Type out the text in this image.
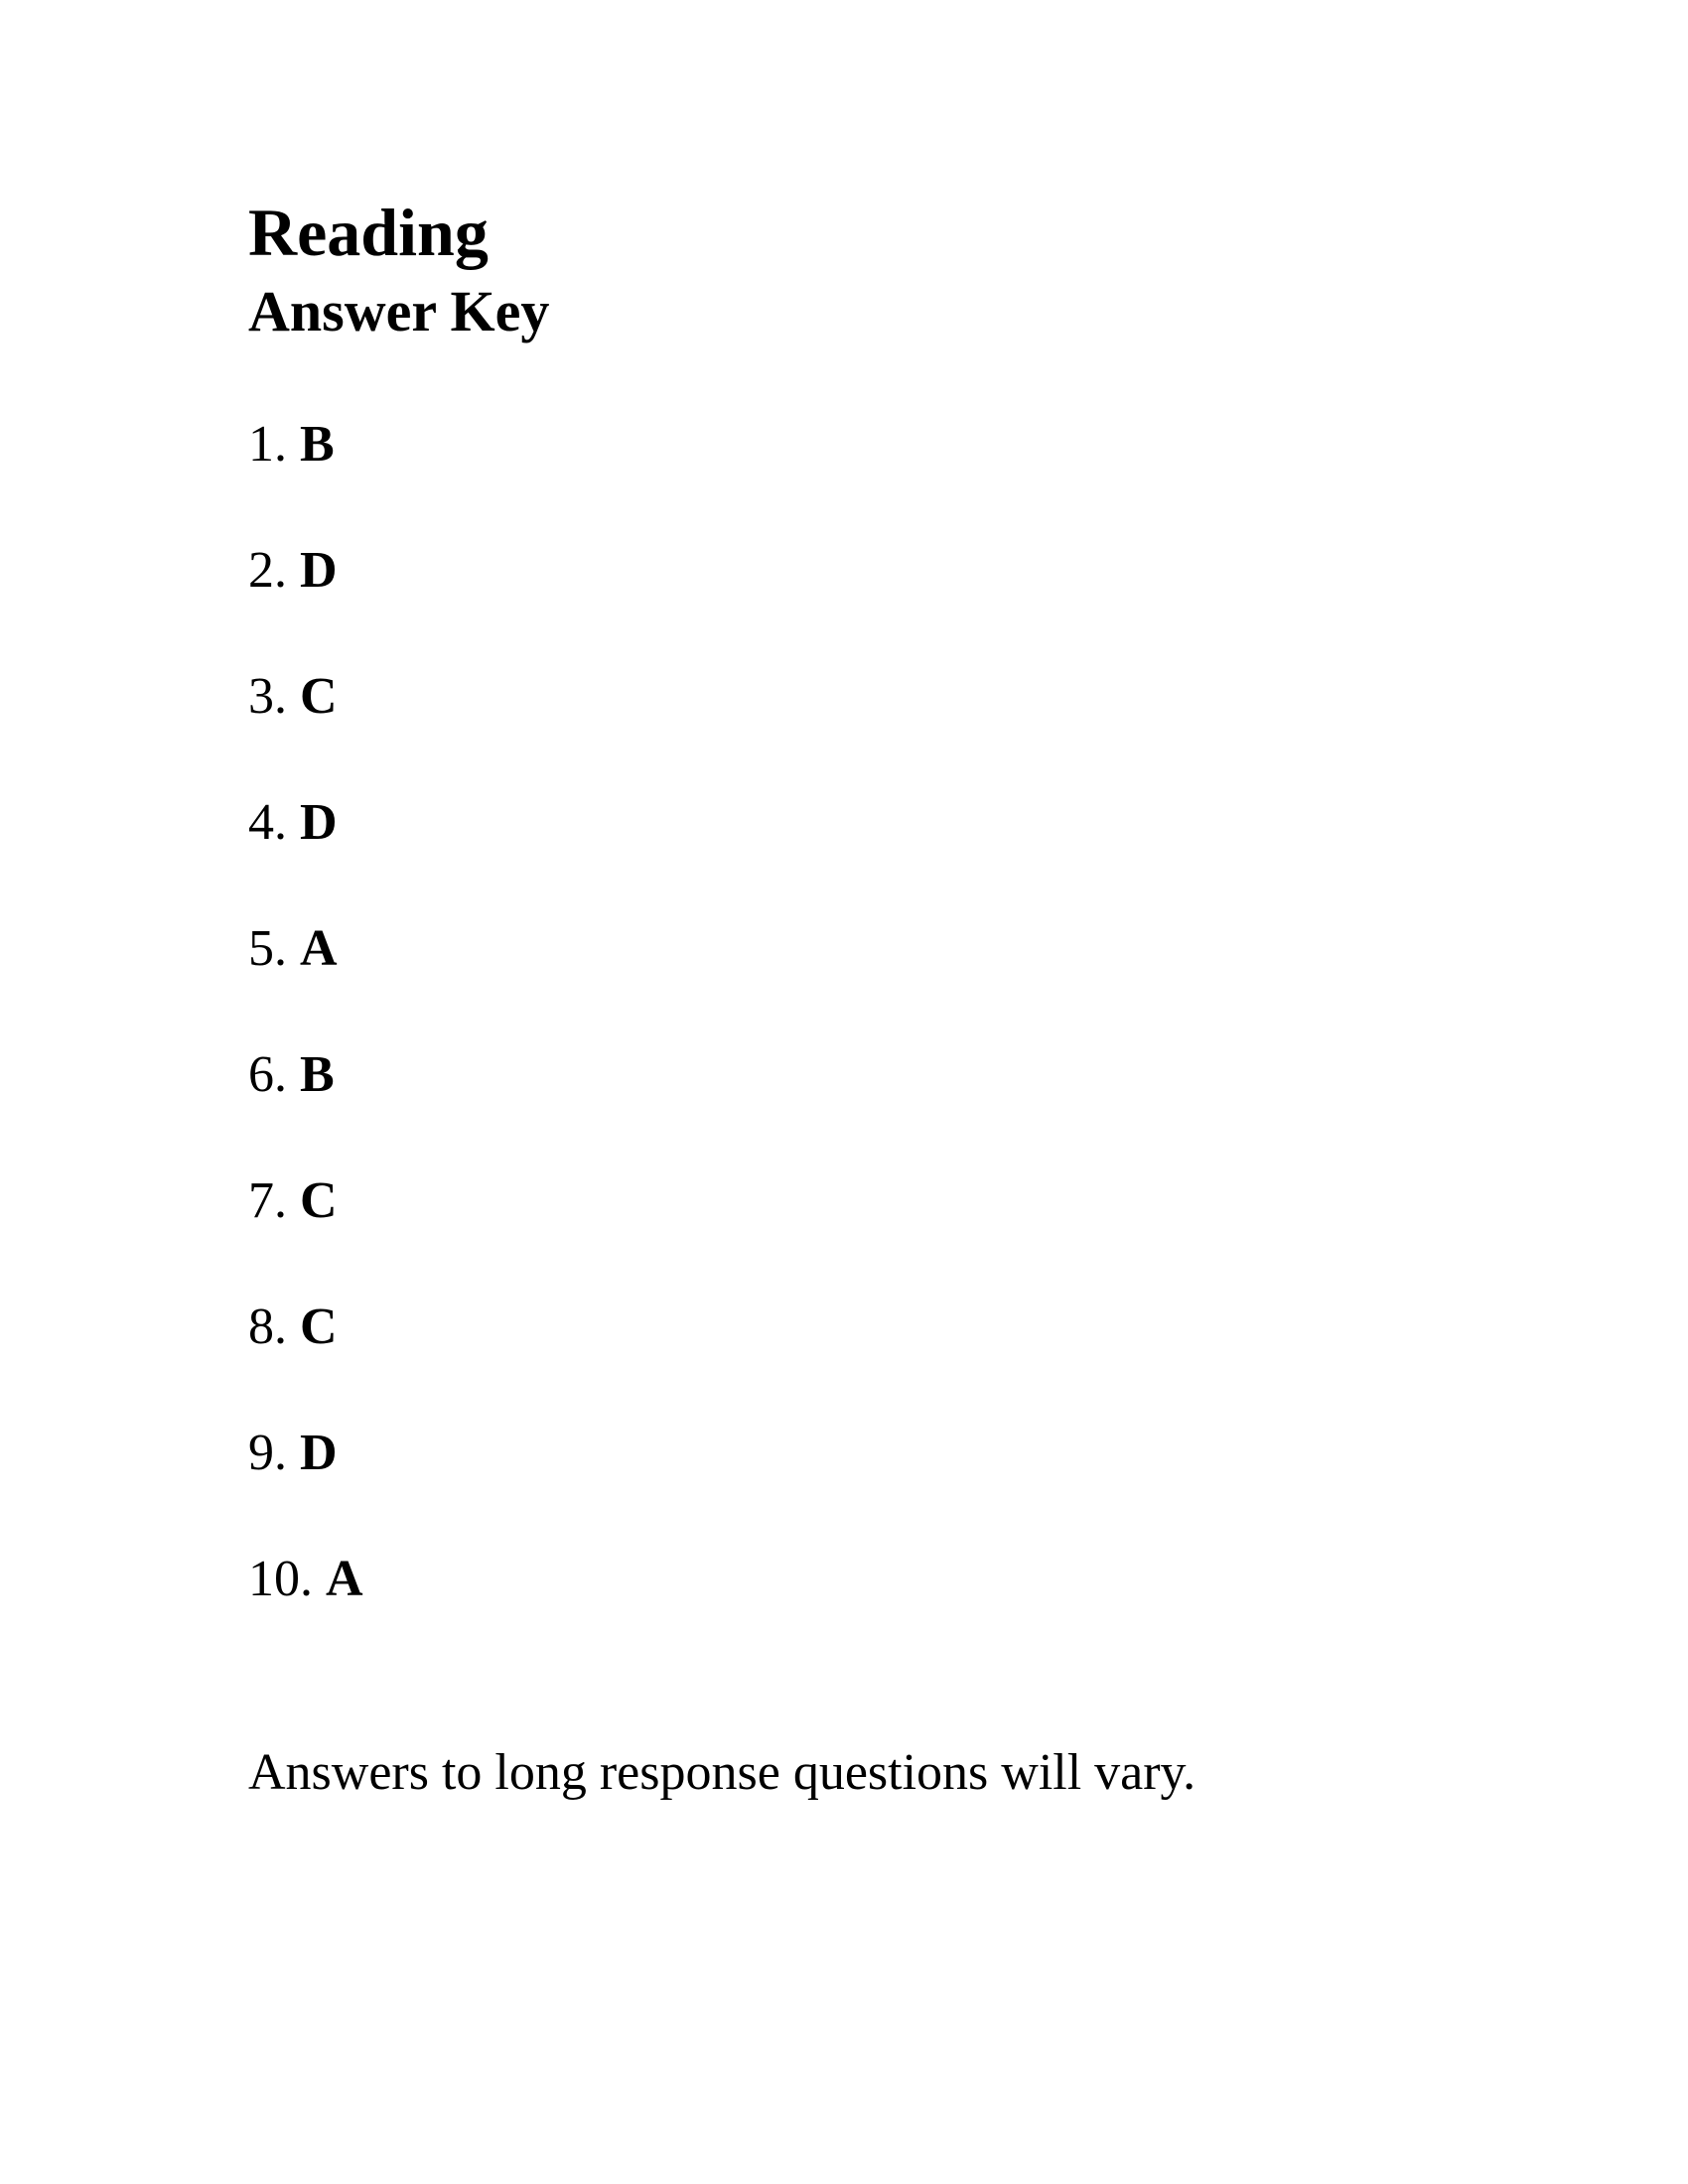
Reading
Answer Key
1. B
2. D
3. C
4. D
5. A
6. B
7. C
8. C
9. D
10. A

Answers to long response questions will vary.
